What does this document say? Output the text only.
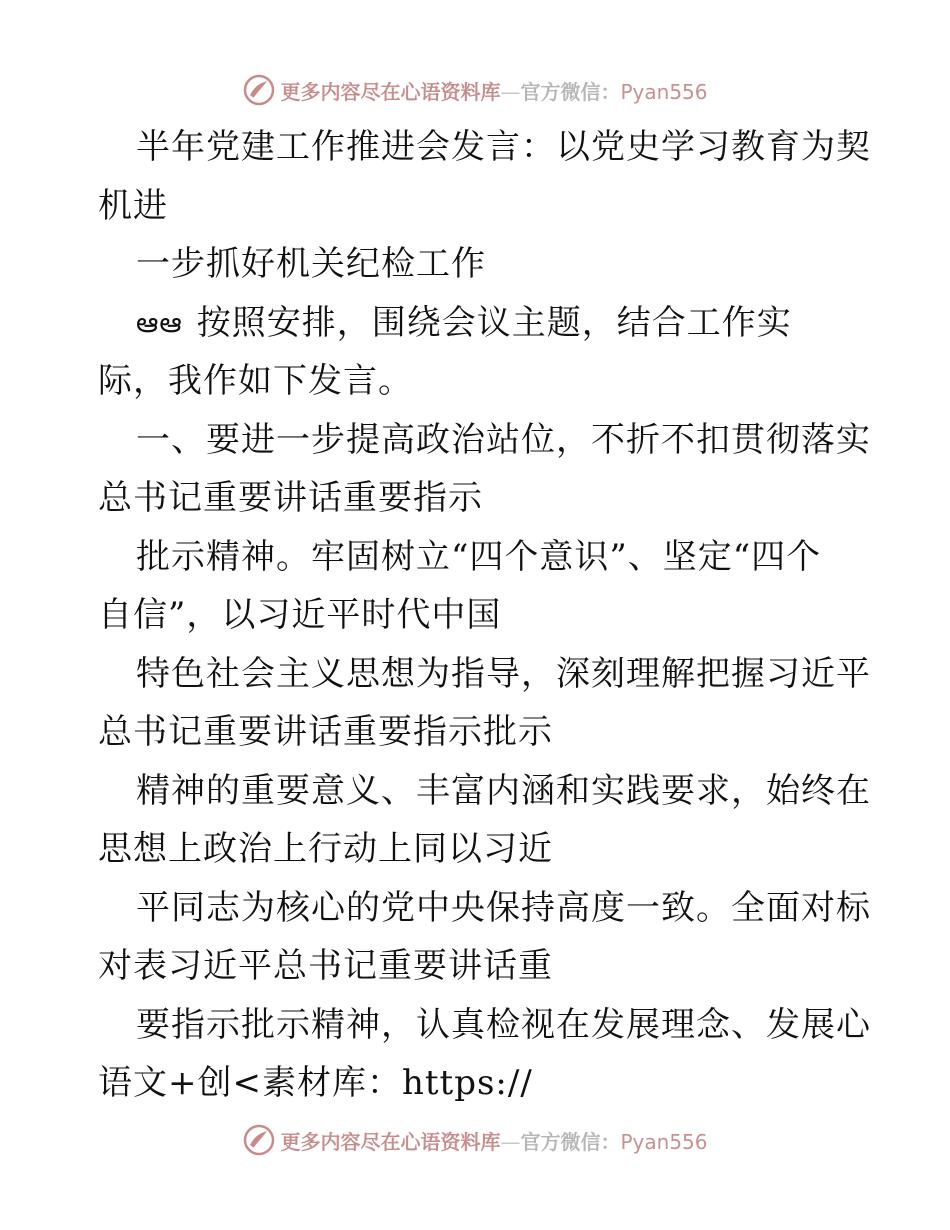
更多内容尽在心语资料库—官方微信：Pyan556
半年党建工作推进会发言：以党史学习教育为契
机进
一步抓好机关纪检工作
ఆఆ 按照安排，围绕会议主题，结合工作实
际，我作如下发言。
一、要进一步提高政治站位，不折不扣贯彻落实
总书记重要讲话重要指示
批示精神。牢固树立“四个意识”、坚定“四个
自信”，以习近平时代中国
特色社会主义思想为指导，深刻理解把握习近平
总书记重要讲话重要指示批示
精神的重要意义、丰富内涵和实践要求，始终在
思想上政治上行动上同以习近
平同志为核心的党中央保持高度一致。全面对标
对表习近平总书记重要讲话重
要指示批示精神，认真检视在发展理念、发展心
语文+创<素材库：https://
更多内容尽在心语资料库—官方微信：Pyan556
